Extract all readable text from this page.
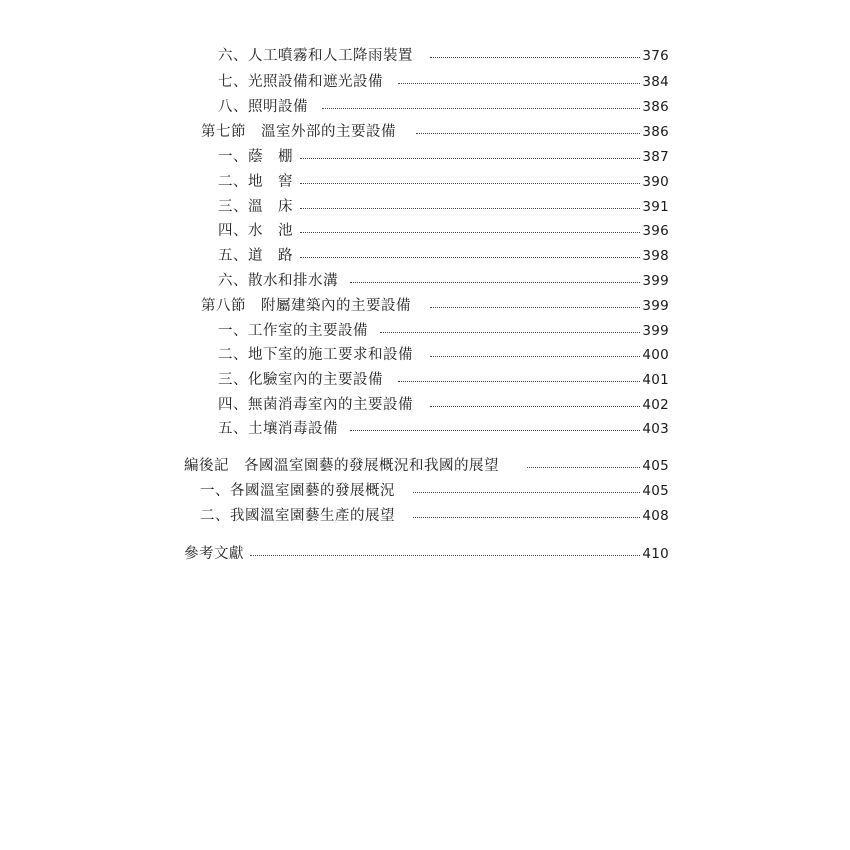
六、人工噴霧和人工降雨裝置	376
七、光照設備和遮光設備	384
八、照明設備	386
第七節　溫室外部的主要設備	386
一、蔭　棚	387
二、地　窖	390
三、溫　床	391
四、水　池	396
五、道　路	398
六、散水和排水溝	399
第八節　附屬建築內的主要設備	399
一、工作室的主要設備	399
二、地下室的施工要求和設備	400
三、化驗室內的主要設備	401
四、無菌消毒室內的主要設備	402
五、土壤消毒設備	403
編後記　各國溫室園藝的發展概況和我國的展望	405
一、各國溫室園藝的發展概況	405
二、我國溫室園藝生產的展望	408
參考文獻	410
